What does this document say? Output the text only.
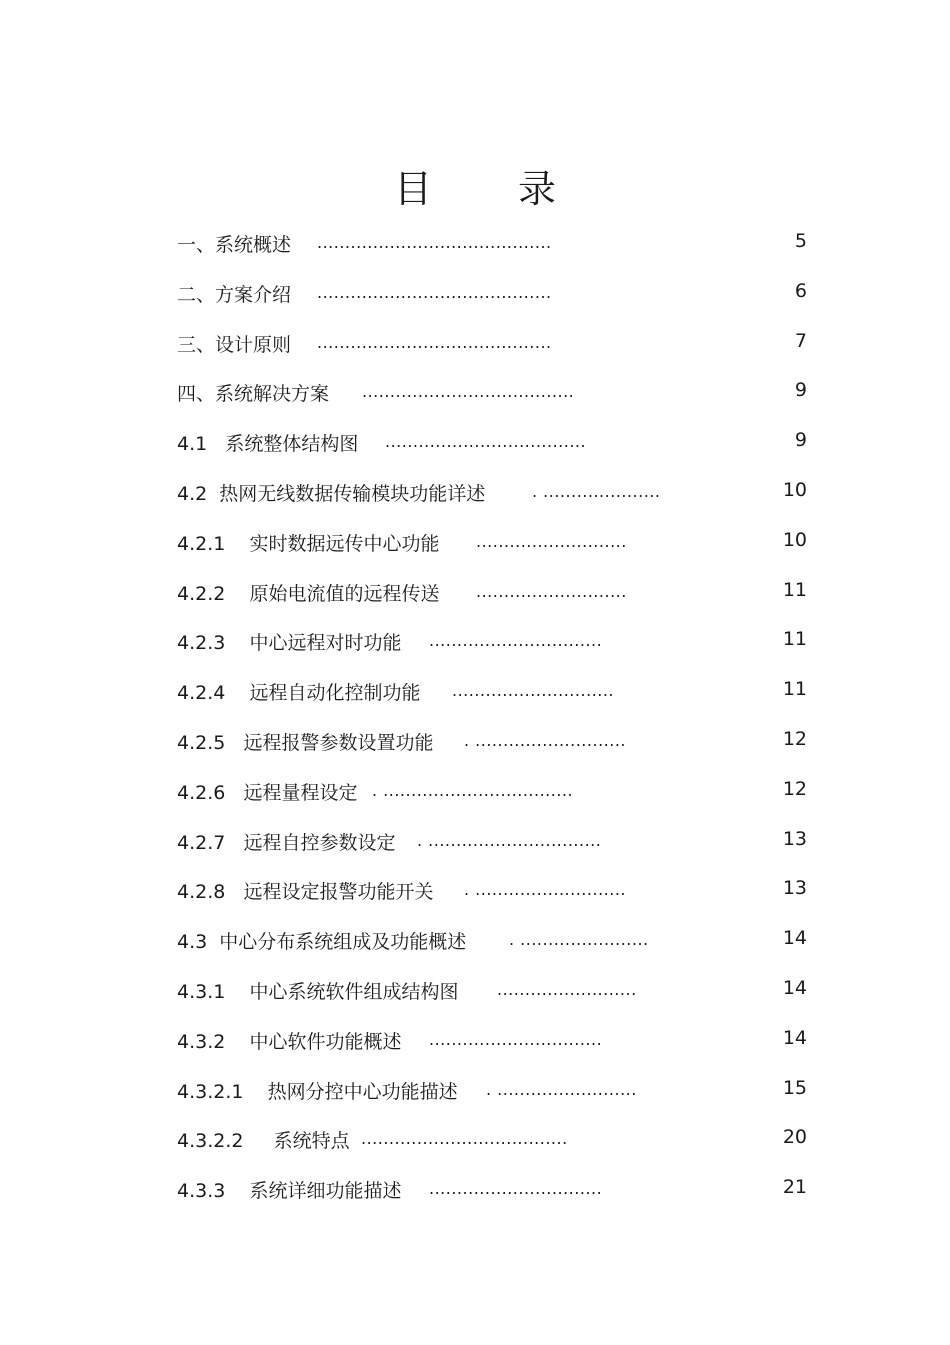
目 录
一、系统概述 ..........................................	5
二、方案介绍 ..........................................	6
三、设计原则 ..........................................	7
四、系统解决方案 ......................................	9
4.1   系统整体结构图 ....................................	9
4.2  热网无线数据传输模块功能详述	. .....................	10
4.2.1    实时数据远传中心功能 ...........................	10
4.2.2    原始电流值的远程传送 ...........................	11
4.2.3    中心远程对时功能 ...............................	11
4.2.4    远程自动化控制功能 .............................	11
4.2.5   远程报警参数设置功能 . ...........................	12
4.2.6   远程量程设定 . ..................................	12
4.2.7   远程自控参数设定 . ...............................	13
4.2.8   远程设定报警功能开关 . ...........................	13
4.3  中心分布系统组成及功能概述	. .......................	14
4.3.1    中心系统软件组成结构图 .........................	14
4.3.2    中心软件功能概述 ...............................	14
4.3.2.1    热网分控中心功能描述 . .........................	15
4.3.2.2     系统特点 .....................................	20
4.3.3    系统详细功能描述 ...............................	21
